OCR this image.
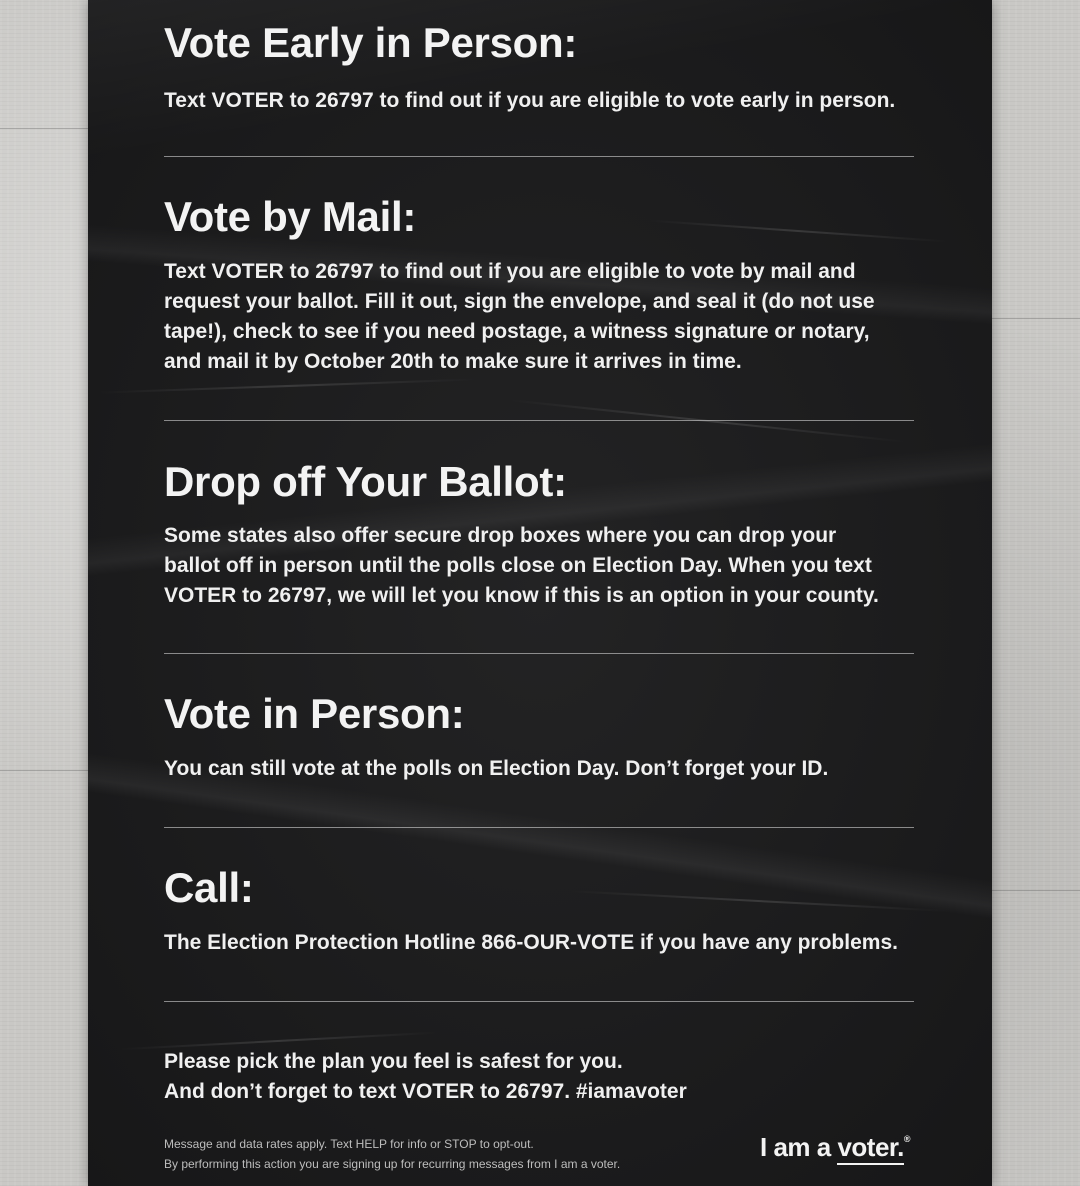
Vote Early in Person:

Text VOTER to 26797 to find out if you are eligible to vote early in person.

Vote by Mail:

Text VOTER to 26797 to find out if you are eligible to vote by mail and
request your ballot. Fill it out, sign the envelope, and seal it (do not use
tape!), check to see if you need postage, a witness signature or notary,
and mail it by October 20th to make sure it arrives in time.

Drop off Your Ballot:

Some states also offer secure drop boxes where you can drop your
ballot off in person until the polls close on Election Day. When you text
VOTER to 26797, we will let you know if this is an option in your county.

Vote in Person:

You can still vote at the polls on Election Day. Don’t forget your ID.

Call:

The Election Protection Hotline 866-OUR-VOTE if you have any problems.

Please pick the plan you feel is safest for you.

And don’t forget to text VOTER to 26797. #iamavoter

Message and data rates apply. Text HELP for info or STOP to opt-out.

By performing this action you are signing up for recurring messages from I am a voter.

I am a voter.®
